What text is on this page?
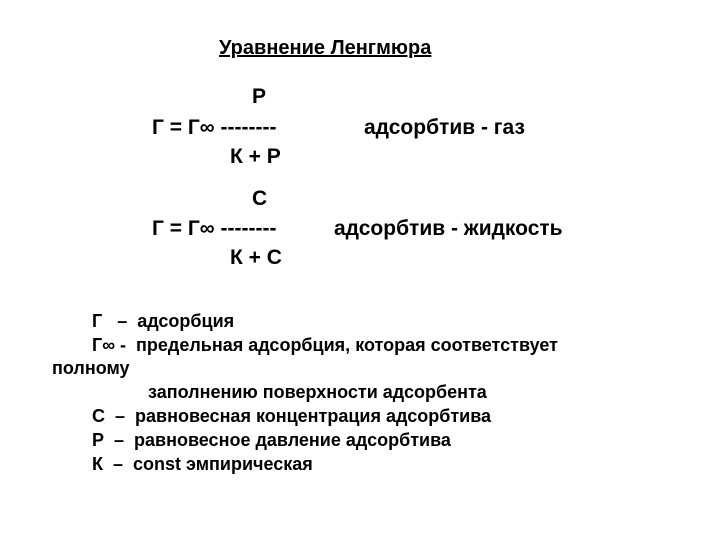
Уравнение Ленгмюра
Р
Г = Г∞ --------
К + Р
адсорбтив - газ
С
Г = Г∞ --------
К + С
адсорбтив - жидкость
Г   –  адсорбция
Г∞ -  предельная адсорбция, которая соответствует
полному
заполнению поверхности адсорбента
С  –  равновесная концентрация адсорбтива
Р  –  равновесное давление адсорбтива
К  –  const эмпирическая
